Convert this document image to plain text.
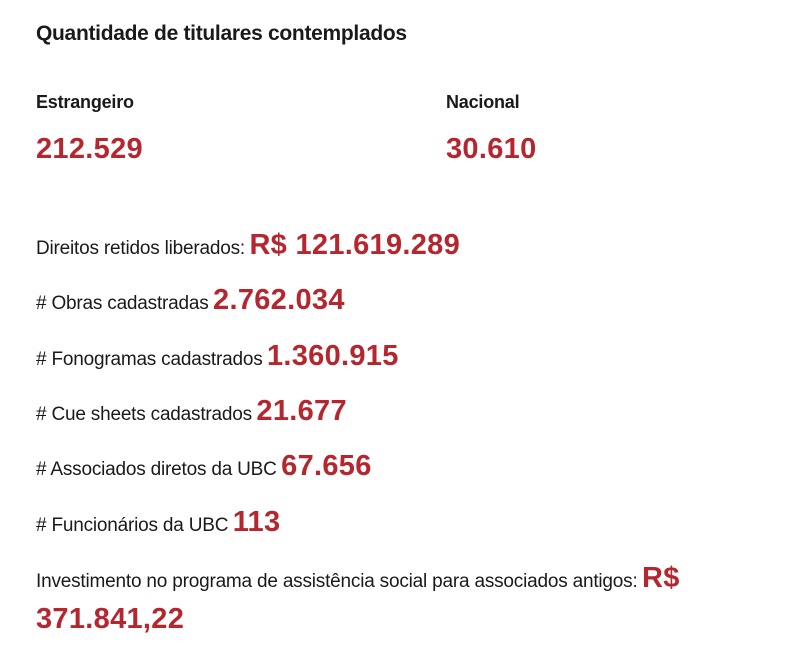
Quantidade de titulares contemplados
Estrangeiro
212.529
Nacional
30.610
Direitos retidos liberados: R$ 121.619.289
# Obras cadastradas 2.762.034
# Fonogramas cadastrados 1.360.915
# Cue sheets cadastrados 21.677
# Associados diretos da UBC 67.656
# Funcionários da UBC 113
Investimento no programa de assistência social para associados antigos: R$ 371.841,22
